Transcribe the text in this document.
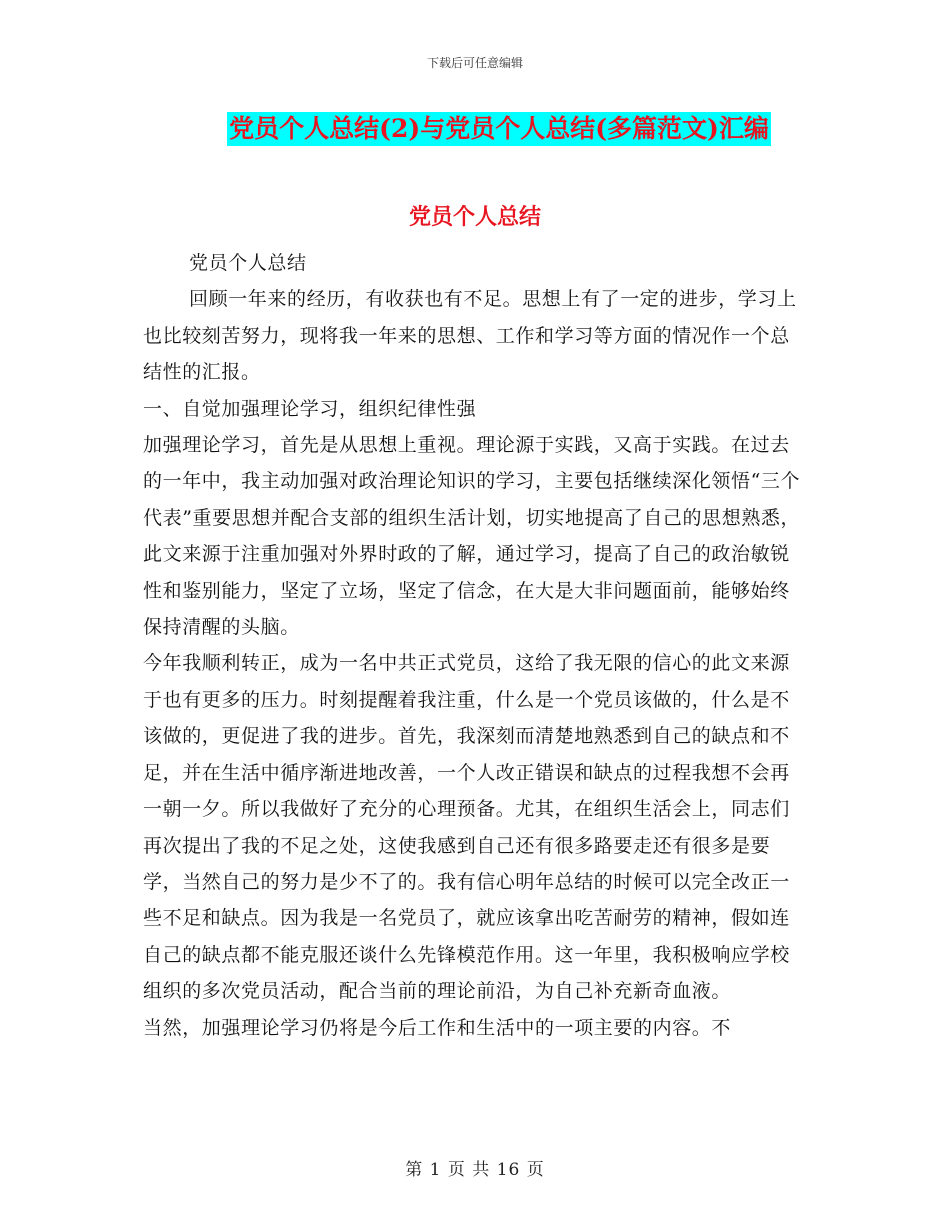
下载后可任意编辑
党员个人总结(2)与党员个人总结(多篇范文)汇编
党员个人总结

党员个人总结

回顾一年来的经历，有收获也有不足。思想上有了一定的进步，学习上也比较刻苦努力，现将我一年来的思想、工作和学习等方面的情况作一个总结性的汇报。

一、自觉加强理论学习，组织纪律性强

加强理论学习，首先是从思想上重视。理论源于实践，又高于实践。在过去的一年中，我主动加强对政治理论知识的学习，主要包括继续深化领悟“三个代表”重要思想并配合支部的组织生活计划，切实地提高了自己的思想熟悉，此文来源于注重加强对外界时政的了解，通过学习，提高了自己的政治敏锐性和鉴别能力，坚定了立场，坚定了信念，在大是大非问题面前，能够始终保持清醒的头脑。

今年我顺利转正，成为一名中共正式党员，这给了我无限的信心的此文来源于也有更多的压力。时刻提醒着我注重，什么是一个党员该做的，什么是不该做的，更促进了我的进步。首先，我深刻而清楚地熟悉到自己的缺点和不足，并在生活中循序渐进地改善，一个人改正错误和缺点的过程我想不会再一朝一夕。所以我做好了充分的心理预备。尤其，在组织生活会上，同志们再次提出了我的不足之处，这使我感到自己还有很多路要走还有很多是要学，当然自己的努力是少不了的。我有信心明年总结的时候可以完全改正一些不足和缺点。因为我是一名党员了，就应该拿出吃苦耐劳的精神，假如连自己的缺点都不能克服还谈什么先锋模范作用。这一年里，我积极响应学校组织的多次党员活动，配合当前的理论前沿，为自己补充新奇血液。

当然，加强理论学习仍将是今后工作和生活中的一项主要的内容。不

第 1 页 共 16 页
